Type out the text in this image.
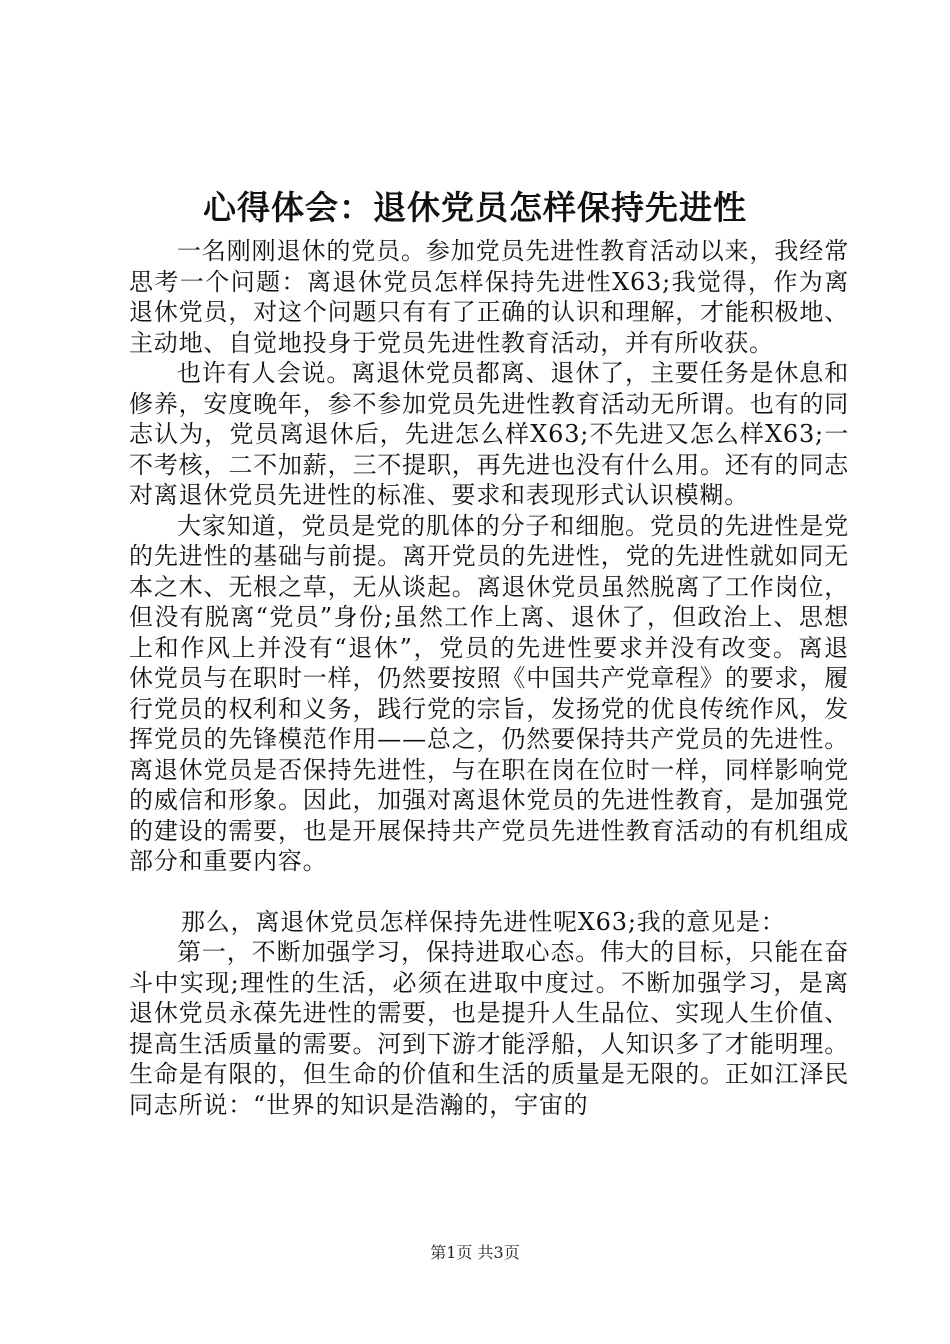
心得体会：退休党员怎样保持先进性

一名刚刚退休的党员。参加党员先进性教育活动以来，我经常思考一个问题：离退休党员怎样保持先进性X63;我觉得，作为离退休党员，对这个问题只有有了正确的认识和理解，才能积极地、主动地、自觉地投身于党员先进性教育活动，并有所收获。

也许有人会说。离退休党员都离、退休了，主要任务是休息和修养，安度晚年，参不参加党员先进性教育活动无所谓。也有的同志认为，党员离退休后，先进怎么样X63;不先进又怎么样X63;一不考核，二不加薪，三不提职，再先进也没有什么用。还有的同志对离退休党员先进性的标准、要求和表现形式认识模糊。

大家知道，党员是党的肌体的分子和细胞。党员的先进性是党的先进性的基础与前提。离开党员的先进性，党的先进性就如同无本之木、无根之草，无从谈起。离退休党员虽然脱离了工作岗位，但没有脱离“党员”身份;虽然工作上离、退休了，但政治上、思想上和作风上并没有“退休”，党员的先进性要求并没有改变。离退休党员与在职时一样，仍然要按照《中国共产党章程》的要求，履行党员的权利和义务，践行党的宗旨，发扬党的优良传统作风，发挥党员的先锋模范作用——总之，仍然要保持共产党员的先进性。离退休党员是否保持先进性，与在职在岗在位时一样，同样影响党的威信和形象。因此，加强对离退休党员的先进性教育，是加强党的建设的需要，也是开展保持共产党员先进性教育活动的有机组成部分和重要内容。

那么，离退休党员怎样保持先进性呢X63;我的意见是：

第一，不断加强学习，保持进取心态。伟大的目标，只能在奋斗中实现;理性的生活，必须在进取中度过。不断加强学习，是离退休党员永葆先进性的需要，也是提升人生品位、实现人生价值、提高生活质量的需要。河到下游才能浮船，人知识多了才能明理。生命是有限的，但生命的价值和生活的质量是无限的。正如江泽民同志所说：“世界的知识是浩瀚的，宇宙的

第1页 共3页
